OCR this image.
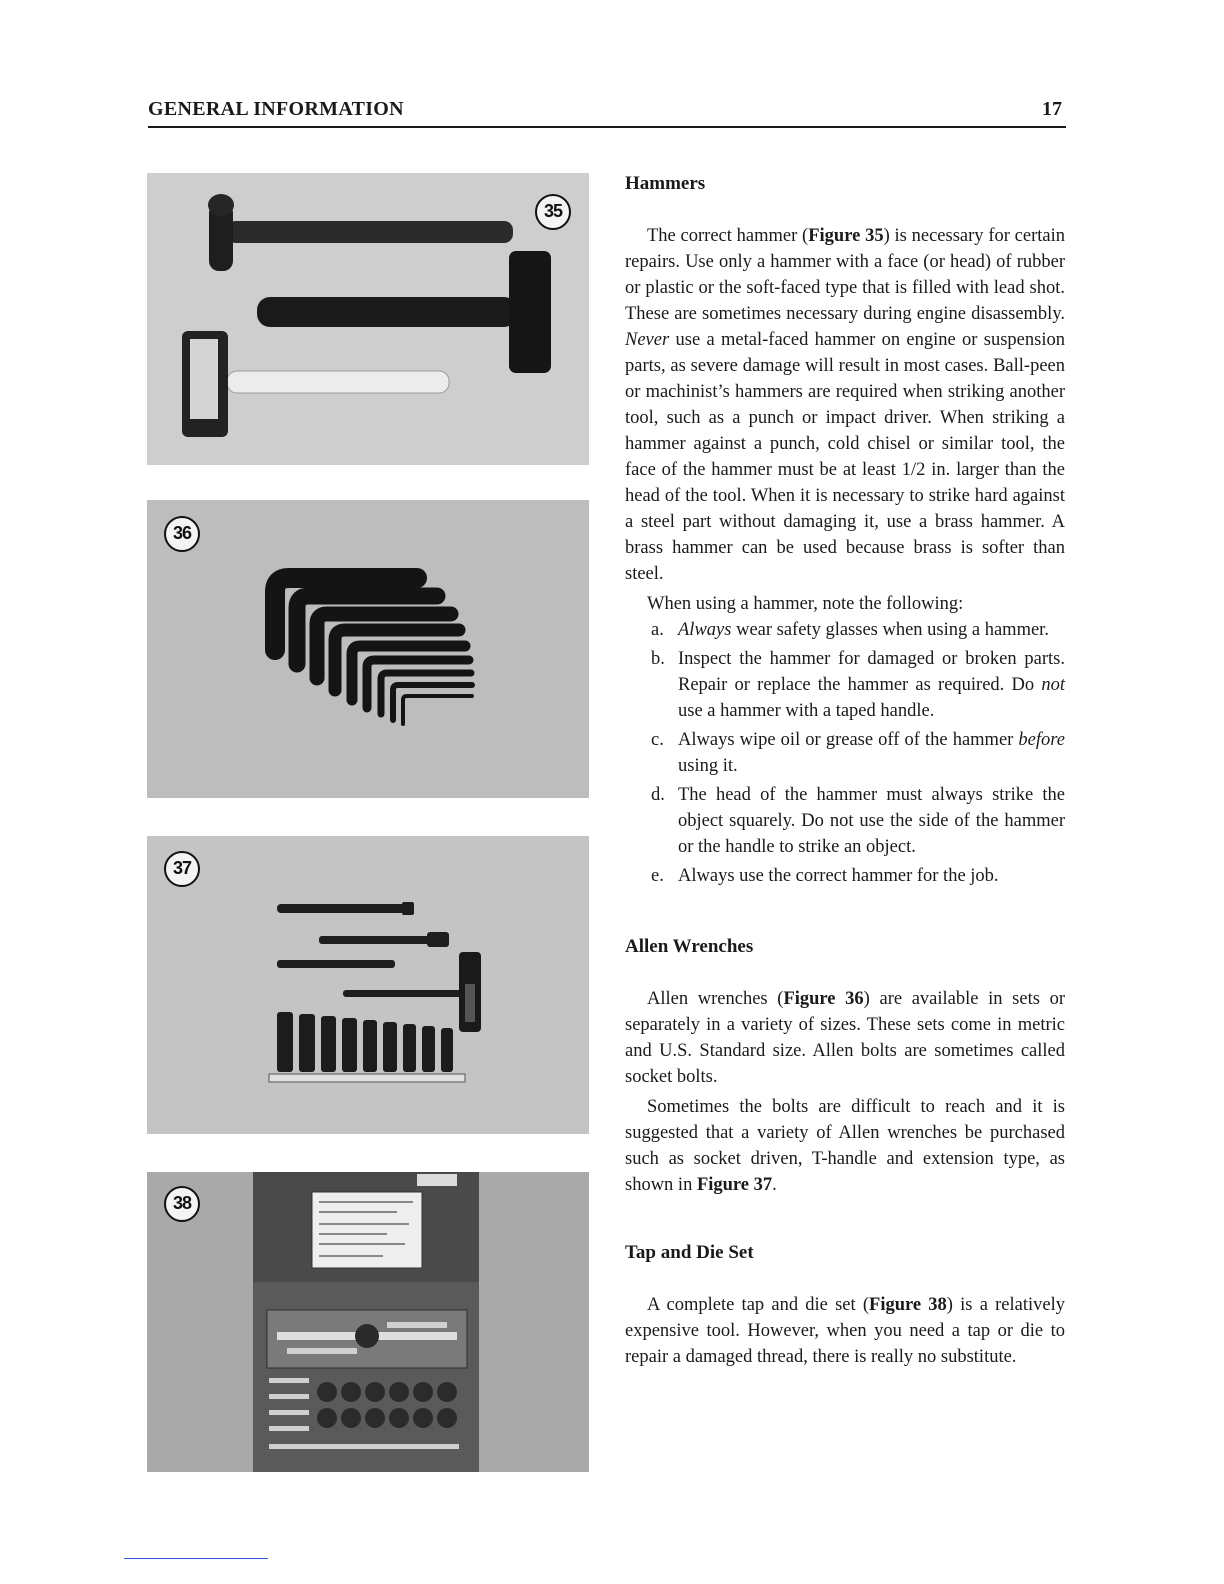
GENERAL INFORMATION	17
35
36
37
38
Hammers

The correct hammer (Figure 35) is necessary for certain repairs. Use only a hammer with a face (or head) of rubber or plastic or the soft-faced type that is filled with lead shot. These are sometimes necessary during engine disassembly. Never use a metal-faced hammer on engine or suspension parts, as severe damage will result in most cases. Ball-peen or machinist’s hammers are required when striking another tool, such as a punch or impact driver. When striking a hammer against a punch, cold chisel or similar tool, the face of the hammer must be at least 1/2 in. larger than the head of the tool. When it is necessary to strike hard against a steel part without damaging it, use a brass hammer. A brass hammer can be used because brass is softer than steel.

When using a hammer, note the following:

a. Always wear safety glasses when using a hammer.
b. Inspect the hammer for damaged or broken parts. Repair or replace the hammer as required. Do not use a hammer with a taped handle.
c. Always wipe oil or grease off of the hammer before using it.
d. The head of the hammer must always strike the object squarely. Do not use the side of the hammer or the handle to strike an object.
e. Always use the correct hammer for the job.
Allen Wrenches

Allen wrenches (Figure 36) are available in sets or separately in a variety of sizes. These sets come in metric and U.S. Standard size. Allen bolts are sometimes called socket bolts.

Sometimes the bolts are difficult to reach and it is suggested that a variety of Allen wrenches be purchased such as socket driven, T-handle and extension type, as shown in Figure 37.

Tap and Die Set

A complete tap and die set (Figure 38) is a relatively expensive tool. However, when you need a tap or die to repair a damaged thread, there is really no substitute.
